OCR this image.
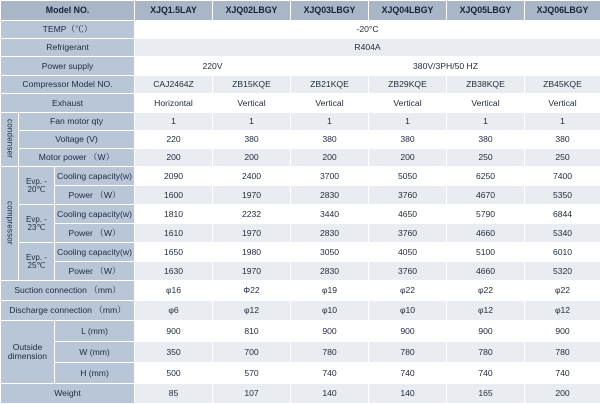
Model NO.			XJQ1.5LAY	XJQ02LBGY	XJQ03LBGY	XJQ04LBGY	XJQ05LBGY	XJQ06LBGY
TEMP（℃）			-20°C					
Refrigerant			R404A					
Power supply			220V		380V/3PH/50 HZ			
Compressor Model NO.			CAJ2464Z	ZB15KQE	ZB21KQE	ZB29KQE	ZB38KQE	ZB45KQE
Exhaust			Horizontal	Vertical	Vertical	Vertical	Vertical	Vertical
condenser	Fan motor qty		1	1	1	1	1	1
	Voltage (V)		220	380	380	380	380	380
	Motor power （W）		200	200	200	200	250	250
compressor	Evp. - 20℃	Cooling capacity(w)	2090	2400	3700	5050	6250	7400
		Power （W）	1600	1970	2830	3760	4670	5350
	Evp. - 23℃	Cooling capacity(w)	1810	2232	3440	4650	5790	6844
		Power （W）	1610	1970	2830	3760	4660	5340
	Evp. - 25℃	Cooling capacity(w)	1650	1980	3050	4050	5100	6010
		Power （W）	1630	1970	2830	3760	4660	5320
Suction connection （mm）			φ16	Φ22	φ19	φ22	φ22	φ22
Discharge connection （mm）			φ6	φ12	φ10	φ10	φ12	φ12
Outside dimension		L (mm)	900	810	900	900	900	900
		W (mm)	350	700	780	780	780	780
		H (mm)	500	570	740	740	740	740
Weight			85	107	140	140	165	200
